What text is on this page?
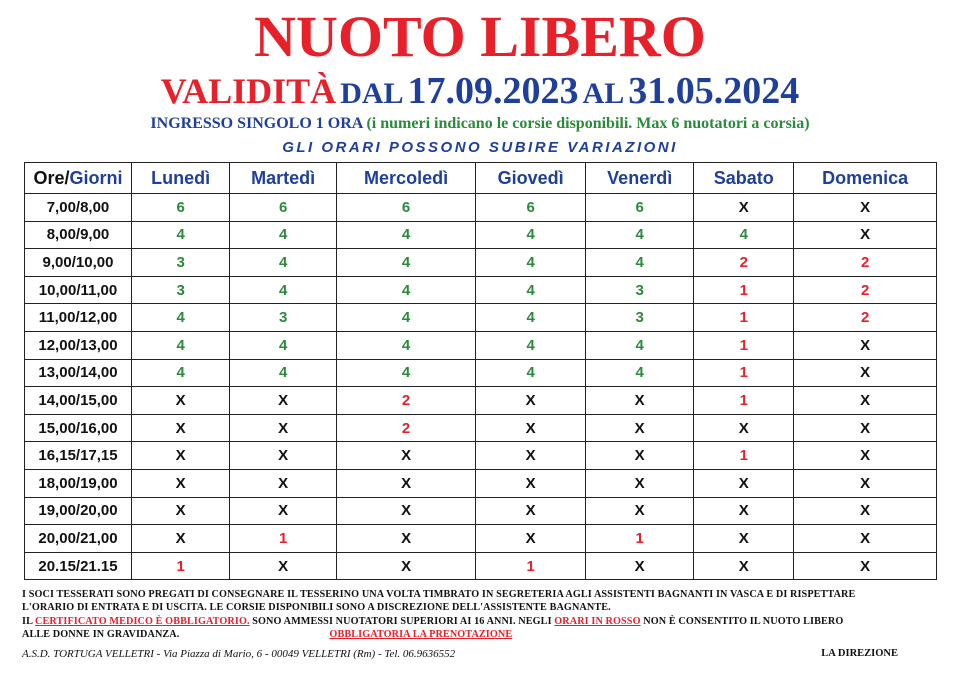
NUOTO LIBERO
VALIDITÀ DAL 17.09.2023 AL 31.05.2024
INGRESSO SINGOLO 1 ORA (i numeri indicano le corsie disponibili. Max 6 nuotatori a corsia)
GLI ORARI POSSONO SUBIRE VARIAZIONI
Ore/Giorni	Lunedì	Martedì	Mercoledì	Giovedì	Venerdì	Sabato	Domenica
7,00/8,00	6	6	6	6	6	X	X
8,00/9,00	4	4	4	4	4	4	X
9,00/10,00	3	4	4	4	4	2	2
10,00/11,00	3	4	4	4	3	1	2
11,00/12,00	4	3	4	4	3	1	2
12,00/13,00	4	4	4	4	4	1	X
13,00/14,00	4	4	4	4	4	1	X
14,00/15,00	X	X	2	X	X	1	X
15,00/16,00	X	X	2	X	X	X	X
16,15/17,15	X	X	X	X	X	1	X
18,00/19,00	X	X	X	X	X	X	X
19,00/20,00	X	X	X	X	X	X	X
20,00/21,00	X	1	X	X	1	X	X
20.15/21.15	1	X	X	1	X	X	X
I SOCI TESSERATI SONO PREGATI DI CONSEGNARE IL TESSERINO UNA VOLTA TIMBRATO IN SEGRETERIA AGLI ASSISTENTI BAGNANTI IN VASCA E DI RISPETTARE
L'ORARIO DI ENTRATA E DI USCITA. LE CORSIE DISPONIBILI SONO A DISCREZIONE DELL'ASSISTENTE BAGNANTE.
IL CERTIFICATO MEDICO È OBBLIGATORIO. SONO AMMESSI NUOTATORI SUPERIORI AI 16 ANNI. NEGLI ORARI IN ROSSO NON È CONSENTITO IL NUOTO LIBERO
ALLE DONNE IN GRAVIDANZA.	OBBLIGATORIA LA PRENOTAZIONE
A.S.D. TORTUGA VELLETRI - Via Piazza di Mario, 6 - 00049 VELLETRI (Rm) - Tel. 06.9636552	LA DIREZIONE
